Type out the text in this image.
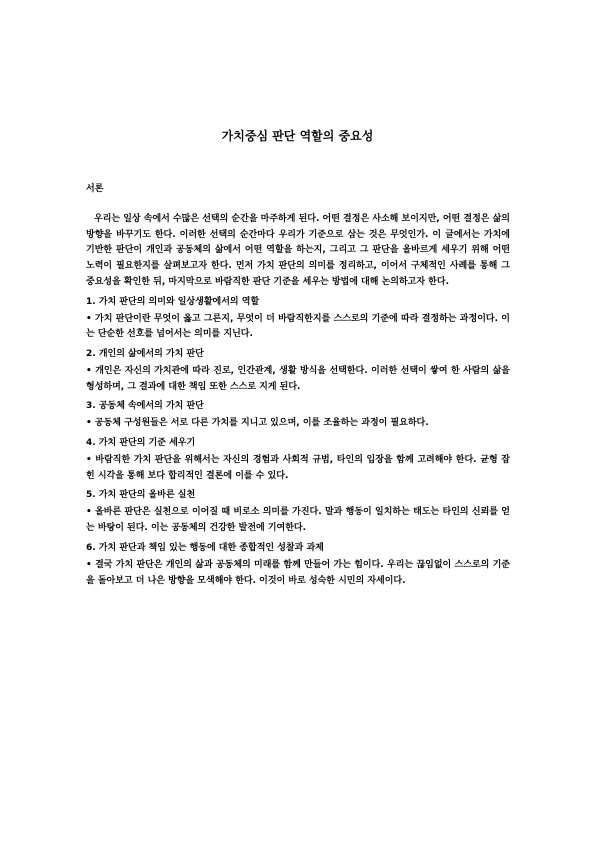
가치중심 판단 역할의 중요성
서론

우리는 일상 속에서 수많은 선택의 순간을 마주하게 된다. 어떤 결정은 사소해 보이지만, 어떤 결정은 삶의 방향을 바꾸기도 한다. 이러한 선택의 순간마다 우리가 기준으로 삼는 것은 무엇인가. 이 글에서는 가치에 기반한 판단이 개인과 공동체의 삶에서 어떤 역할을 하는지, 그리고 그 판단을 올바르게 세우기 위해 어떤 노력이 필요한지를 살펴보고자 한다. 먼저 가치 판단의 의미를 정리하고, 이어서 구체적인 사례를 통해 그 중요성을 확인한 뒤, 마지막으로 바람직한 판단 기준을 세우는 방법에 대해 논의하고자 한다.

1. 가치 판단의 의미와 일상생활에서의 역할

• 가치 판단이란 무엇이 옳고 그른지, 무엇이 더 바람직한지를 스스로의 기준에 따라 결정하는 과정이다. 이는 단순한 선호를 넘어서는 의미를 지닌다.

2. 개인의 삶에서의 가치 판단

• 개인은 자신의 가치관에 따라 진로, 인간관계, 생활 방식을 선택한다. 이러한 선택이 쌓여 한 사람의 삶을 형성하며, 그 결과에 대한 책임 또한 스스로 지게 된다.

3. 공동체 속에서의 가치 판단

• 공동체 구성원들은 서로 다른 가치를 지니고 있으며, 이를 조율하는 과정이 필요하다.

4. 가치 판단의 기준 세우기

• 바람직한 가치 판단을 위해서는 자신의 경험과 사회적 규범, 타인의 입장을 함께 고려해야 한다. 균형 잡힌 시각을 통해 보다 합리적인 결론에 이를 수 있다.

5. 가치 판단의 올바른 실천

• 올바른 판단은 실천으로 이어질 때 비로소 의미를 가진다. 말과 행동이 일치하는 태도는 타인의 신뢰를 얻는 바탕이 된다. 이는 공동체의 건강한 발전에 기여한다.

6. 가치 판단과 책임 있는 행동에 대한 종합적인 성찰과 과제

• 결국 가치 판단은 개인의 삶과 공동체의 미래를 함께 만들어 가는 힘이다. 우리는 끊임없이 스스로의 기준을 돌아보고 더 나은 방향을 모색해야 한다. 이것이 바로 성숙한 시민의 자세이다.
